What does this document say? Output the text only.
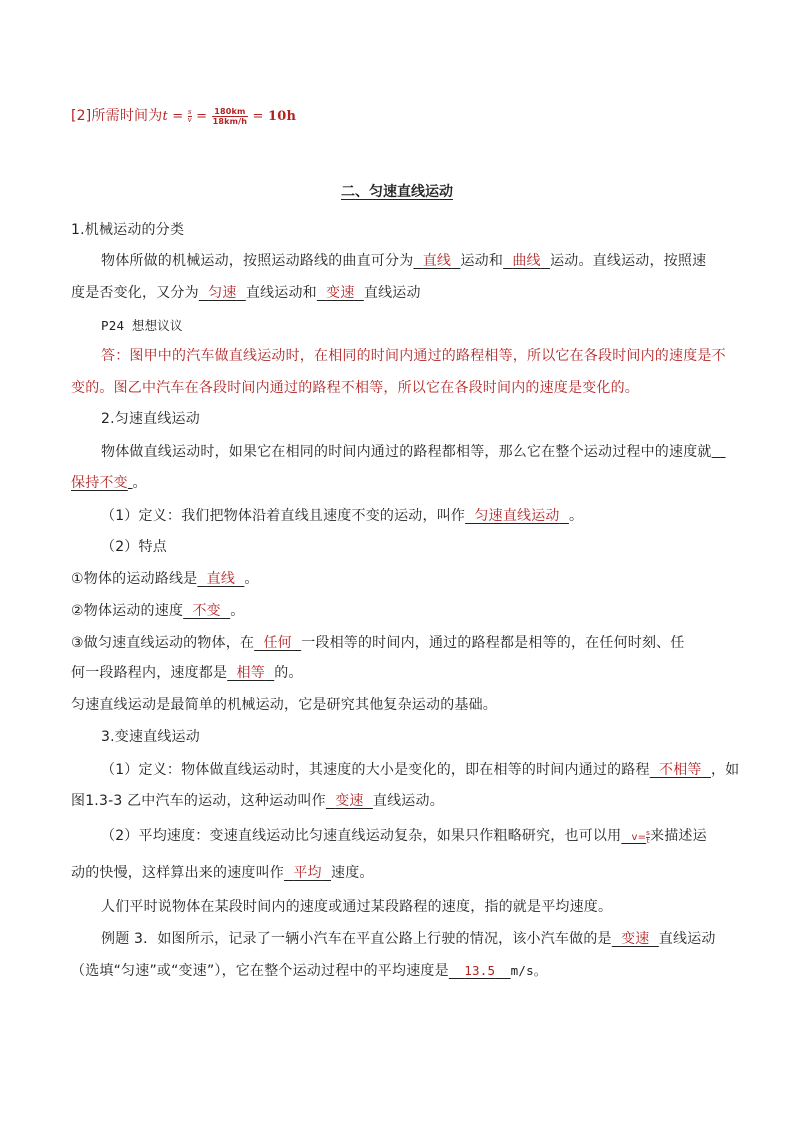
[2]所需时间为$t = \frac{s}{v} = \frac{180km}{18km/h} = 10h$
二、匀速直线运动
1.机械运动的分类
物体所做的机械运动，按照运动路线的曲直可分为 直线 运动和 曲线 运动。直线运动，按照速
度是否变化，又分为 匀速 直线运动和 变速 直线运动
P24 想想议议
答：图甲中的汽车做直线运动时，在相同的时间内通过的路程相等，所以它在各段时间内的速度是不
变的。图乙中汽车在各段时间内通过的路程不相等，所以它在各段时间内的速度是变化的。
2.匀速直线运动
物体做直线运动时，如果它在相同的时间内通过的路程都相等，那么它在整个运动过程中的速度就
保持不变 。
（1）定义：我们把物体沿着直线且速度不变的运动，叫作 匀速直线运动 。
（2）特点
①物体的运动路线是 直线 。
②物体运动的速度 不变 。
③做匀速直线运动的物体，在 任何 一段相等的时间内，通过的路程都是相等的，在任何时刻、任
何一段路程内，速度都是 相等 的。
匀速直线运动是最简单的机械运动，它是研究其他复杂运动的基础。
3.变速直线运动
（1）定义：物体做直线运动时，其速度的大小是变化的，即在相等的时间内通过的路程 不相等 ，如
图1.3-3 乙中汽车的运动，这种运动叫作 变速 直线运动。
（2）平均速度：变速直线运动比匀速直线运动复杂，如果只作粗略研究，也可以用 $v= \frac{s}{t}$来描述运
动的快慢，这样算出来的速度叫作 平均 速度。
人们平时说物体在某段时间内的速度或通过某段路程的速度，指的就是平均速度。
例题 3．如图所示，记录了一辆小汽车在平直公路上行驶的情况，该小汽车做的是 变速 直线运动
（选填“匀速”或“变速”），它在整个运动过程中的平均速度是 13.5 m/s。
